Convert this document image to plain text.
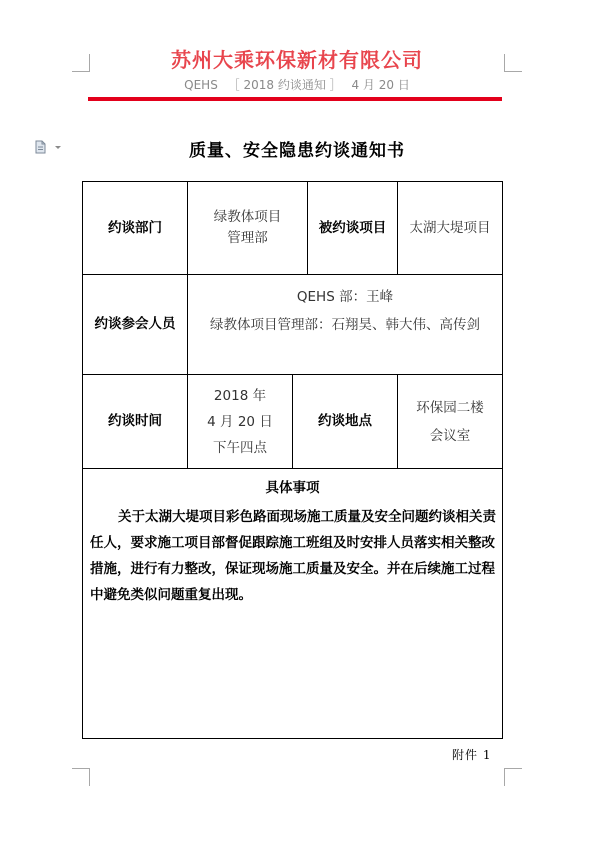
苏州大乘环保新材有限公司
QEHS ［ 2018 约谈通知 ］ 4 月 20 日
质量、安全隐患约谈通知书
约谈部门
绿教体项目
管理部
被约谈项目	太湖大堤项目
约谈参会人员
QEHS 部：王峰
绿教体项目管理部：石翔昊、韩大伟、高传剑
约谈时间
2018 年
4 月 20 日
下午四点
约谈地点
环保园二楼
会议室
具体事项
关于太湖大堤项目彩色路面现场施工质量及安全问题约谈相关责任人，要求施工项目部督促跟踪施工班组及时安排人员落实相关整改措施，进行有力整改，保证现场施工质量及安全。并在后续施工过程中避免类似问题重复出现。
附件 1
